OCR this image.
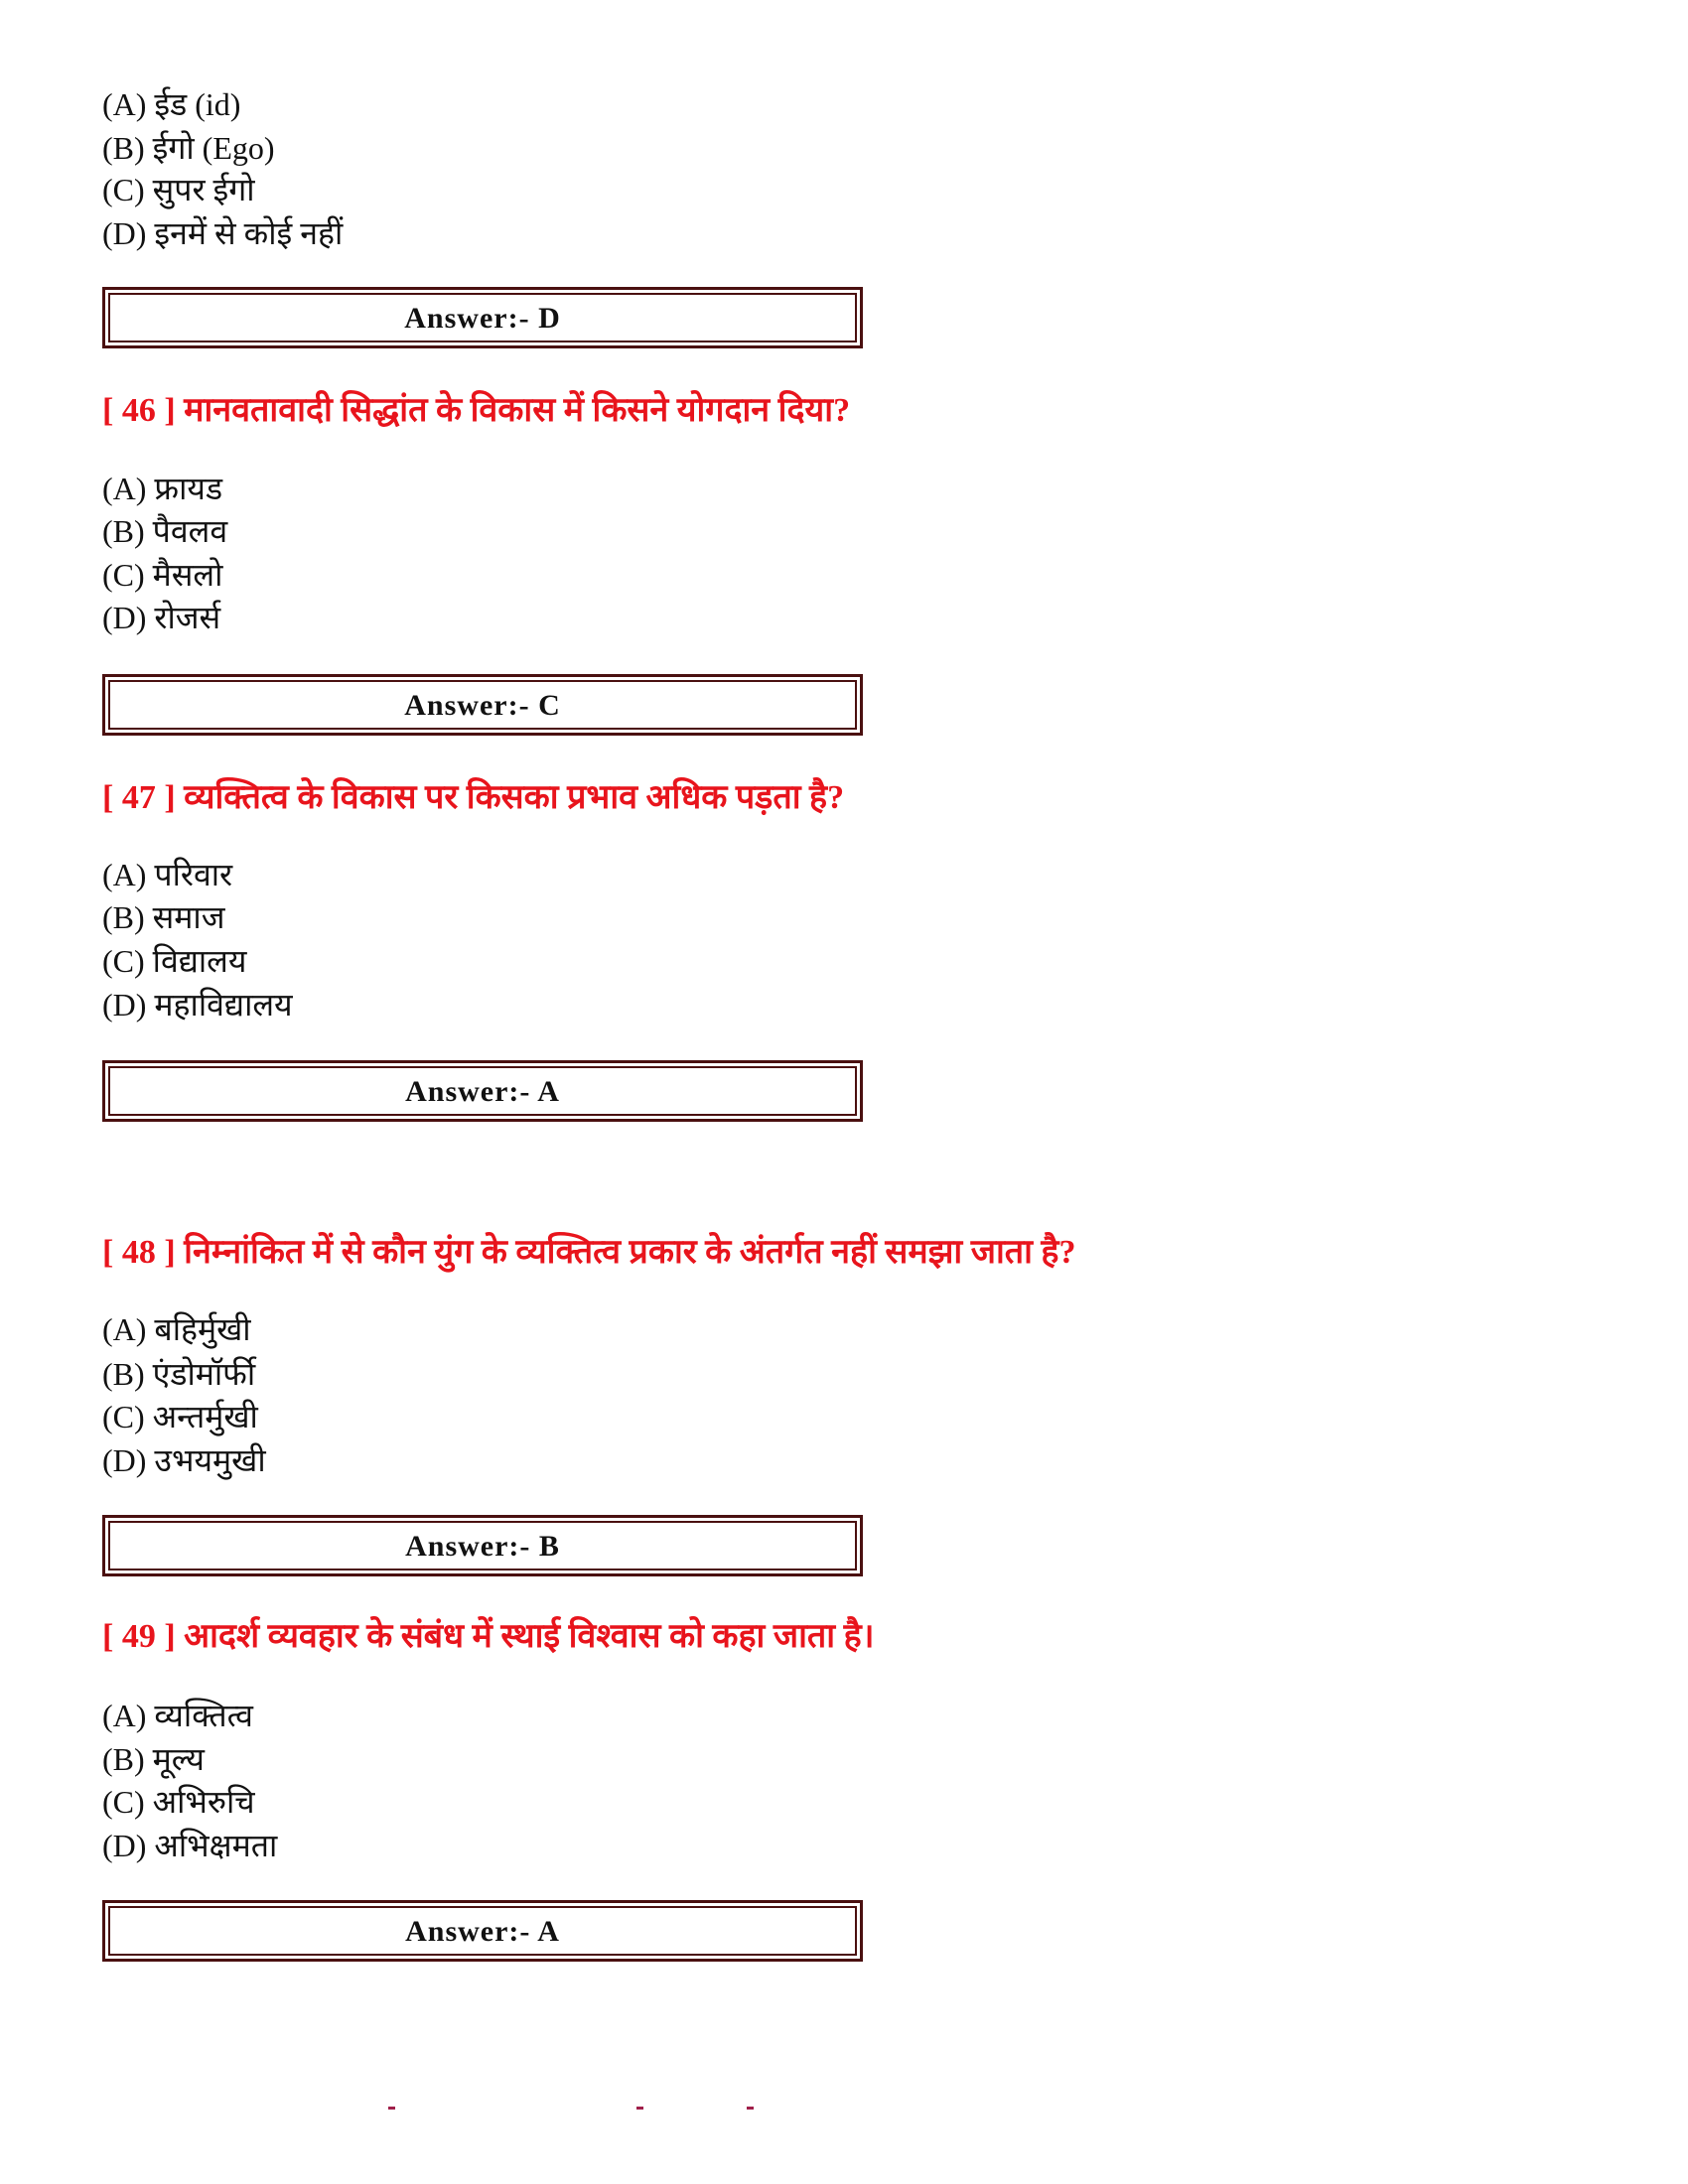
(A) ईड (id)
(B) ईगो (Ego)
(C) सुपर ईगो
(D) इनमें से कोई नहीं
Answer:- D
[ 46 ] मानवतावादी सिद्धांत के विकास में किसने योगदान दिया?
(A) फ्रायड
(B) पैवलव
(C) मैसलो
(D) रोजर्स
Answer:- C
[ 47 ] व्यक्तित्व के विकास पर किसका प्रभाव अधिक पड़ता है?
(A) परिवार
(B) समाज
(C) विद्यालय
(D) महाविद्यालय
Answer:- A
[ 48 ] निम्नांकित में से कौन युंग के व्यक्तित्व प्रकार के अंतर्गत नहीं समझा जाता है?
(A) बहिर्मुखी
(B) एंडोमॉर्फी
(C) अन्तर्मुखी
(D) उभयमुखी
Answer:- B
[ 49 ] आदर्श व्यवहार के संबंध में स्थाई विश्वास को कहा जाता है।
(A) व्यक्तित्व
(B) मूल्य
(C) अभिरुचि
(D) अभिक्षमता
Answer:- A
